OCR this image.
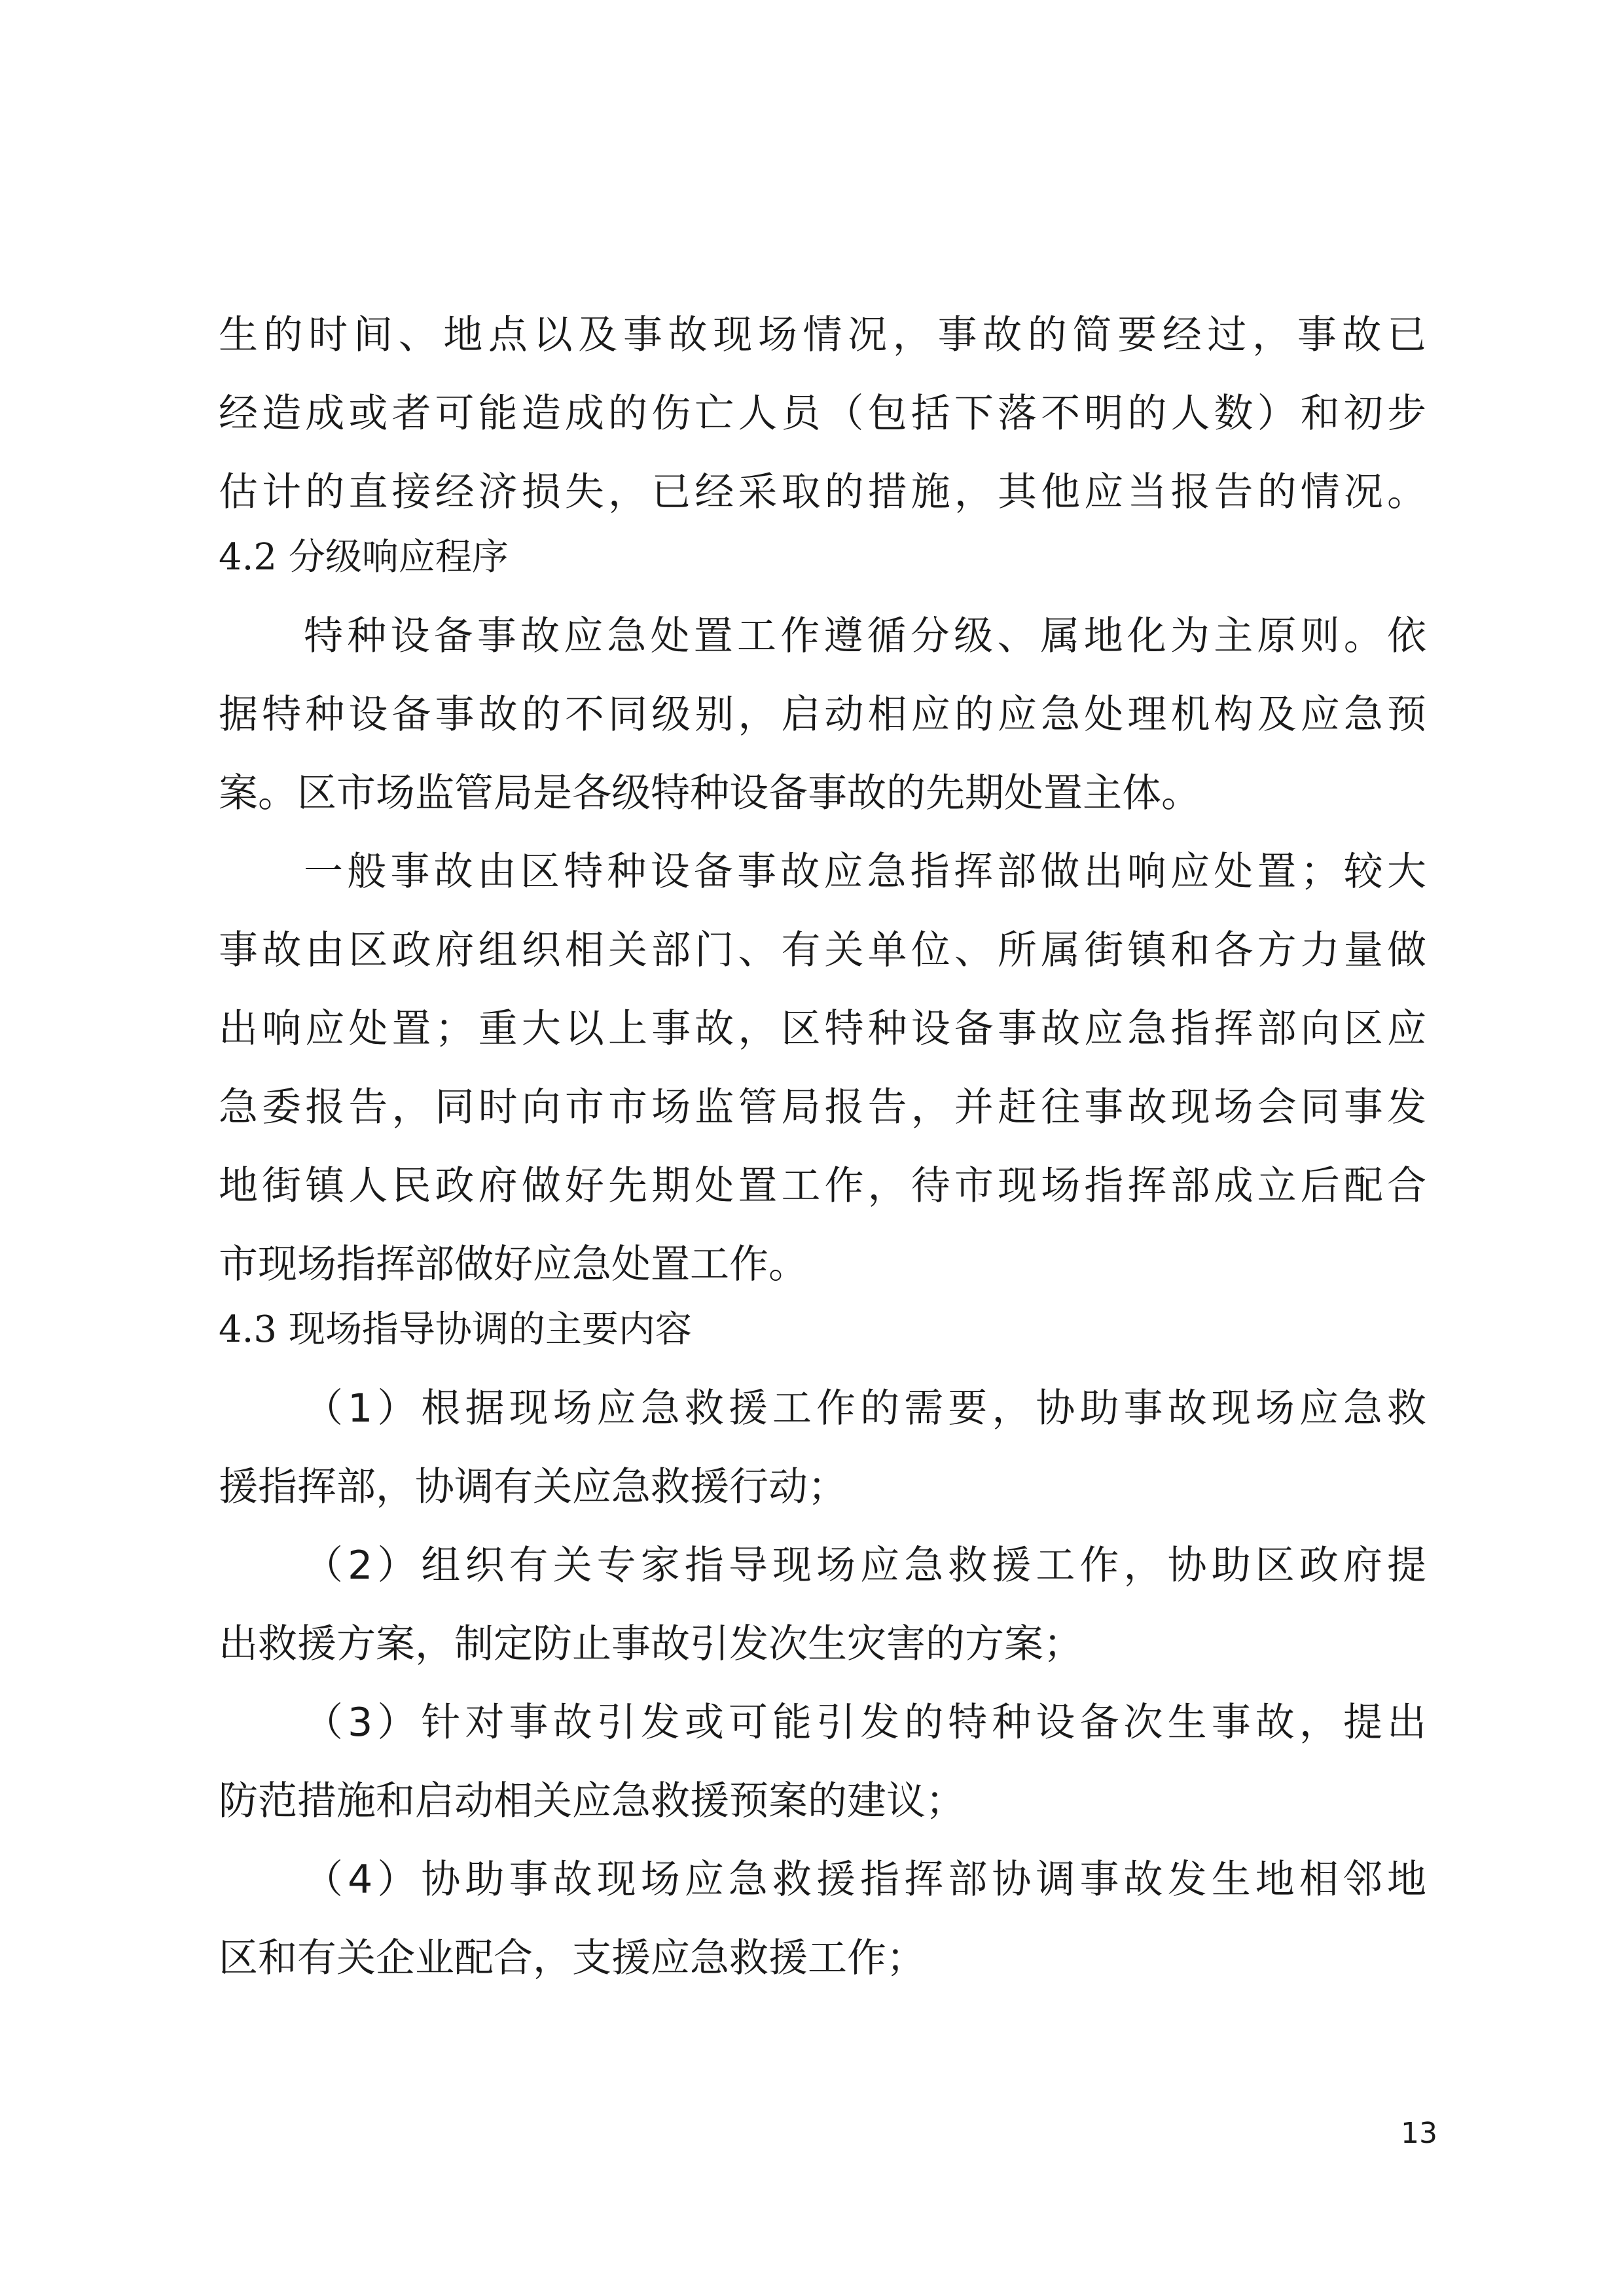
生的时间、地点以及事故现场情况，事故的简要经过，事故已
经造成或者可能造成的伤亡人员（包括下落不明的人数）和初步
估计的直接经济损失，已经采取的措施，其他应当报告的情况。
4.2 分级响应程序
特种设备事故应急处置工作遵循分级、属地化为主原则。依
据特种设备事故的不同级别，启动相应的应急处理机构及应急预
案。区市场监管局是各级特种设备事故的先期处置主体。
一般事故由区特种设备事故应急指挥部做出响应处置；较大
事故由区政府组织相关部门、有关单位、所属街镇和各方力量做
出响应处置；重大以上事故，区特种设备事故应急指挥部向区应
急委报告，同时向市市场监管局报告，并赶往事故现场会同事发
地街镇人民政府做好先期处置工作，待市现场指挥部成立后配合
市现场指挥部做好应急处置工作。
4.3 现场指导协调的主要内容
（1）根据现场应急救援工作的需要，协助事故现场应急救
援指挥部，协调有关应急救援行动；
（2）组织有关专家指导现场应急救援工作，协助区政府提
出救援方案，制定防止事故引发次生灾害的方案；
（3）针对事故引发或可能引发的特种设备次生事故，提出
防范措施和启动相关应急救援预案的建议；
（4）协助事故现场应急救援指挥部协调事故发生地相邻地
区和有关企业配合，支援应急救援工作；
13
